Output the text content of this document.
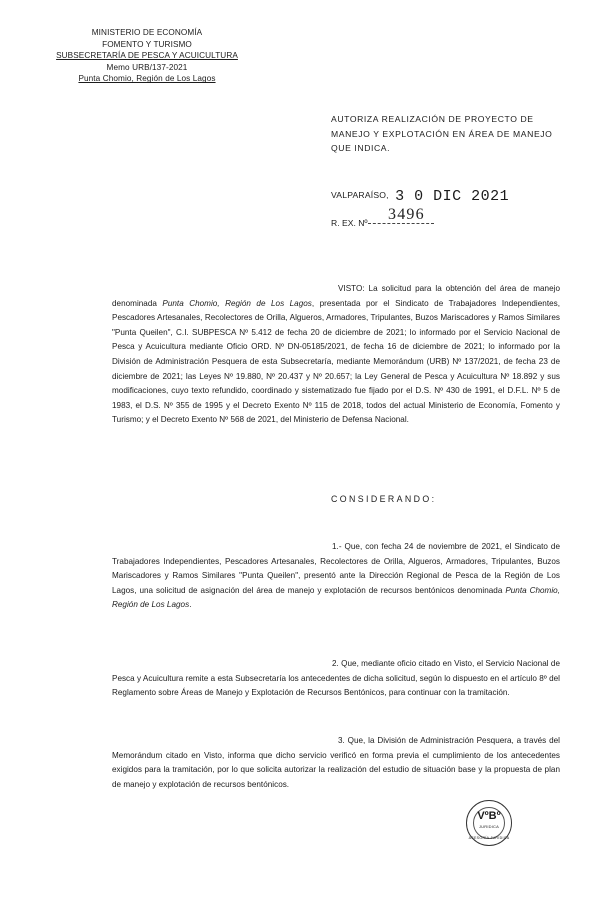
MINISTERIO DE ECONOMÍA
FOMENTO Y TURISMO
SUBSECRETARÍA DE PESCA Y ACUICULTURA
Memo URB/137-2021
Punta Chomio, Región de Los Lagos
AUTORIZA REALIZACIÓN DE PROYECTO DE MANEJO Y EXPLOTACIÓN EN ÁREA DE MANEJO QUE INDICA.
VALPARAÍSO, 3 0 DIC 2021
R. EX. Nº 3496
VISTO: La solicitud para la obtención del área de manejo denominada Punta Chomio, Región de Los Lagos, presentada por el Sindicato de Trabajadores Independientes, Pescadores Artesanales, Recolectores de Orilla, Algueros, Armadores, Tripulantes, Buzos Mariscadores y Ramos Similares "Punta Queilen", C.I. SUBPESCA Nº 5.412 de fecha 20 de diciembre de 2021; lo informado por el Servicio Nacional de Pesca y Acuicultura mediante Oficio ORD. Nº DN-05185/2021, de fecha 16 de diciembre de 2021; lo informado por la División de Administración Pesquera de esta Subsecretaría, mediante Memorándum (URB) Nº 137/2021, de fecha 23 de diciembre de 2021; las Leyes Nº 19.880, Nº 20.437 y Nº 20.657; la Ley General de Pesca y Acuicultura Nº 18.892 y sus modificaciones, cuyo texto refundido, coordinado y sistematizado fue fijado por el D.S. Nº 430 de 1991, el D.F.L. Nº 5 de 1983, el D.S. Nº 355 de 1995 y el Decreto Exento Nº 115 de 2018, todos del actual Ministerio de Economía, Fomento y Turismo; y el Decreto Exento Nº 568 de 2021, del Ministerio de Defensa Nacional.
CONSIDERANDO:
1.- Que, con fecha 24 de noviembre de 2021, el Sindicato de Trabajadores Independientes, Pescadores Artesanales, Recolectores de Orilla, Algueros, Armadores, Tripulantes, Buzos Mariscadores y Ramos Similares "Punta Queilen", presentó ante la Dirección Regional de Pesca de la Región de Los Lagos, una solicitud de asignación del área de manejo y explotación de recursos bentónicos denominada Punta Chomio, Región de Los Lagos.
2. Que, mediante oficio citado en Visto, el Servicio Nacional de Pesca y Acuicultura remite a esta Subsecretaría los antecedentes de dicha solicitud, según lo dispuesto en el artículo 8º del Reglamento sobre Áreas de Manejo y Explotación de Recursos Bentónicos, para continuar con la tramitación.
3. Que, la División de Administración Pesquera, a través del Memorándum citado en Visto, informa que dicho servicio verificó en forma previa el cumplimiento de los antecedentes exigidos para la tramitación, por lo que solicita autorizar la realización del estudio de situación base y la propuesta de plan de manejo y explotación de recursos bentónicos.
VºBº
JURIDICA
ASESORÍA JURÍDICA
